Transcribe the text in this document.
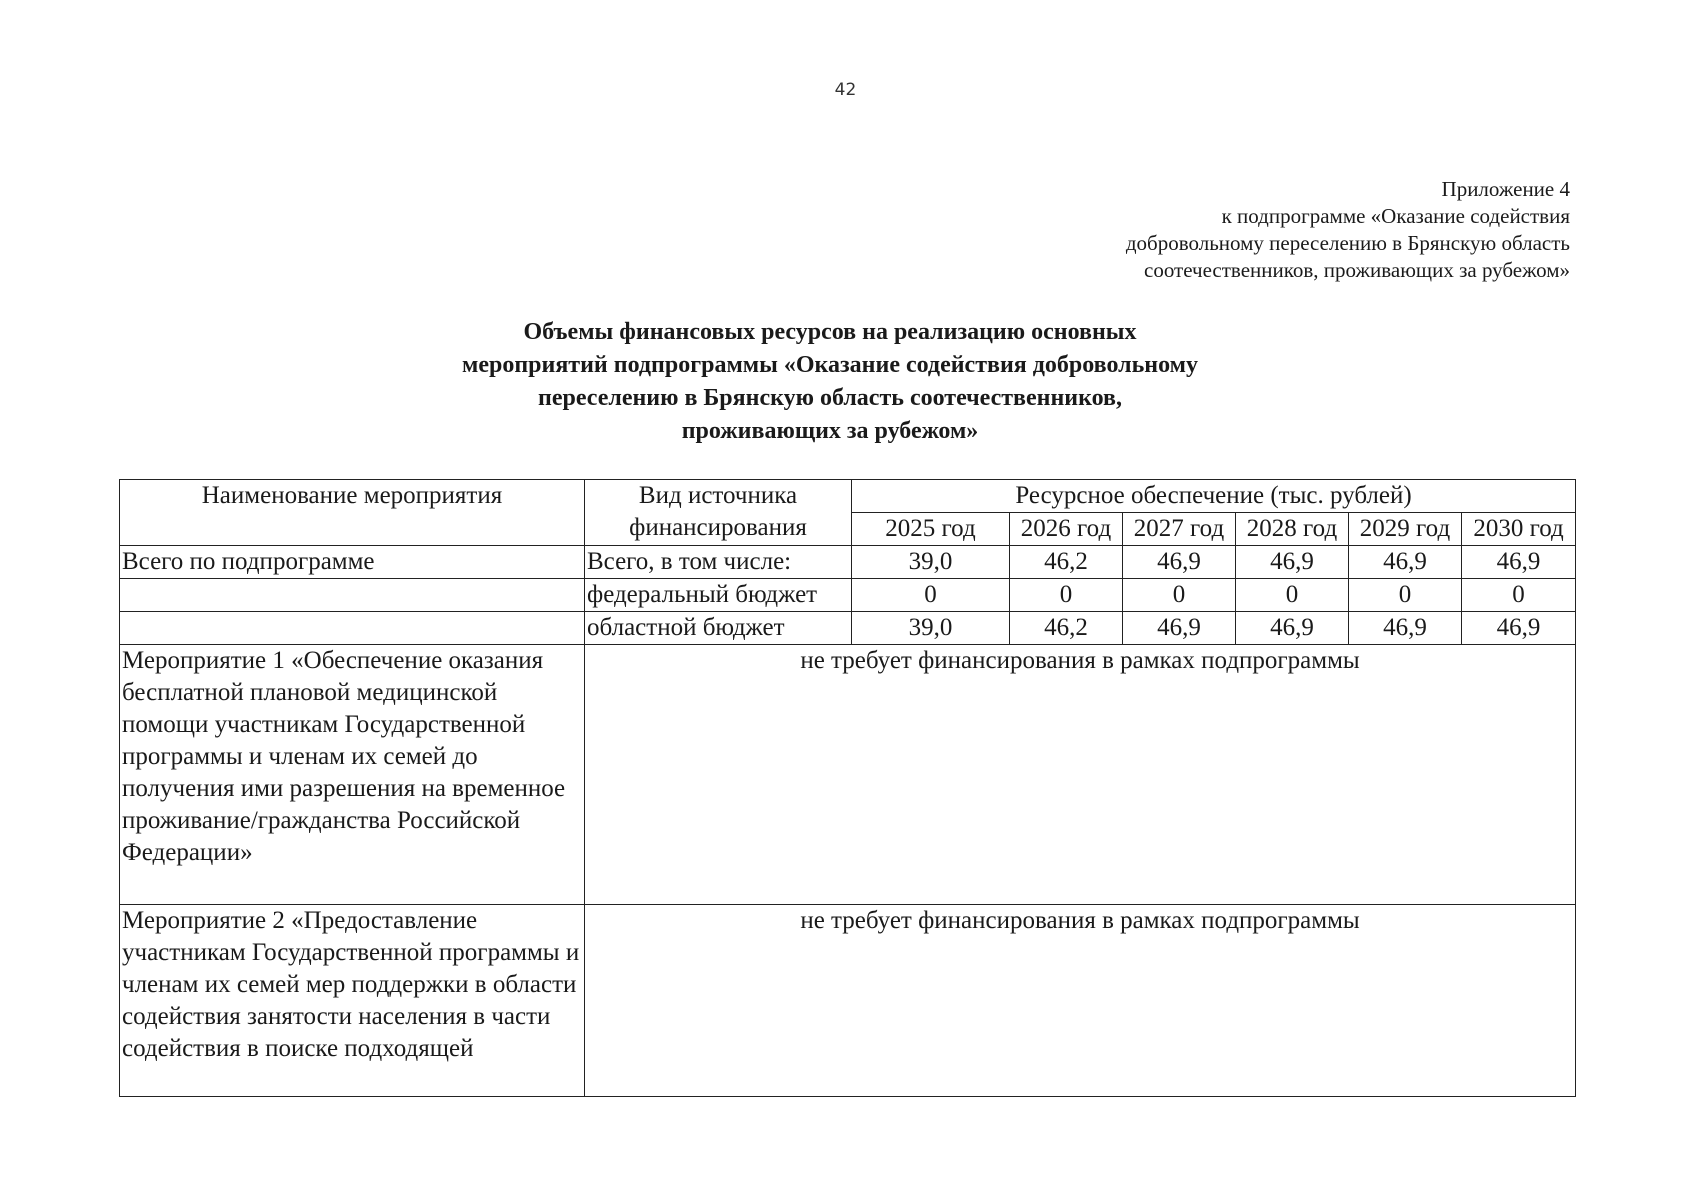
42
Приложение 4
к подпрограмме «Оказание содействия
добровольному переселению в Брянскую область
соотечественников, проживающих за рубежом»
Объемы финансовых ресурсов на реализацию основных
мероприятий подпрограммы «Оказание содействия добровольному
переселению в Брянскую область соотечественников,
проживающих за рубежом»
Наименование мероприятия	Вид источника финансирования	Ресурсное обеспечение (тыс. рублей)					
		2025 год	2026 год	2027 год	2028 год	2029 год	2030 год
Всего по подпрограмме	Всего, в том числе:	39,0	46,2	46,9	46,9	46,9	46,9
	федеральный бюджет	0	0	0	0	0	0
	областной бюджет	39,0	46,2	46,9	46,9	46,9	46,9
Мероприятие 1 «Обеспечение оказания бесплатной плановой медицинской помощи участникам Государственной программы и членам их семей до получения ими разрешения на временное проживание/гражданства Российской Федерации»	не требует финансирования в рамках подпрограммы						
Мероприятие 2 «Предоставление участникам Государственной программы и членам их семей мер поддержки в области содействия занятости населения в части содействия в поиске подходящей	не требует финансирования в рамках подпрограммы						
